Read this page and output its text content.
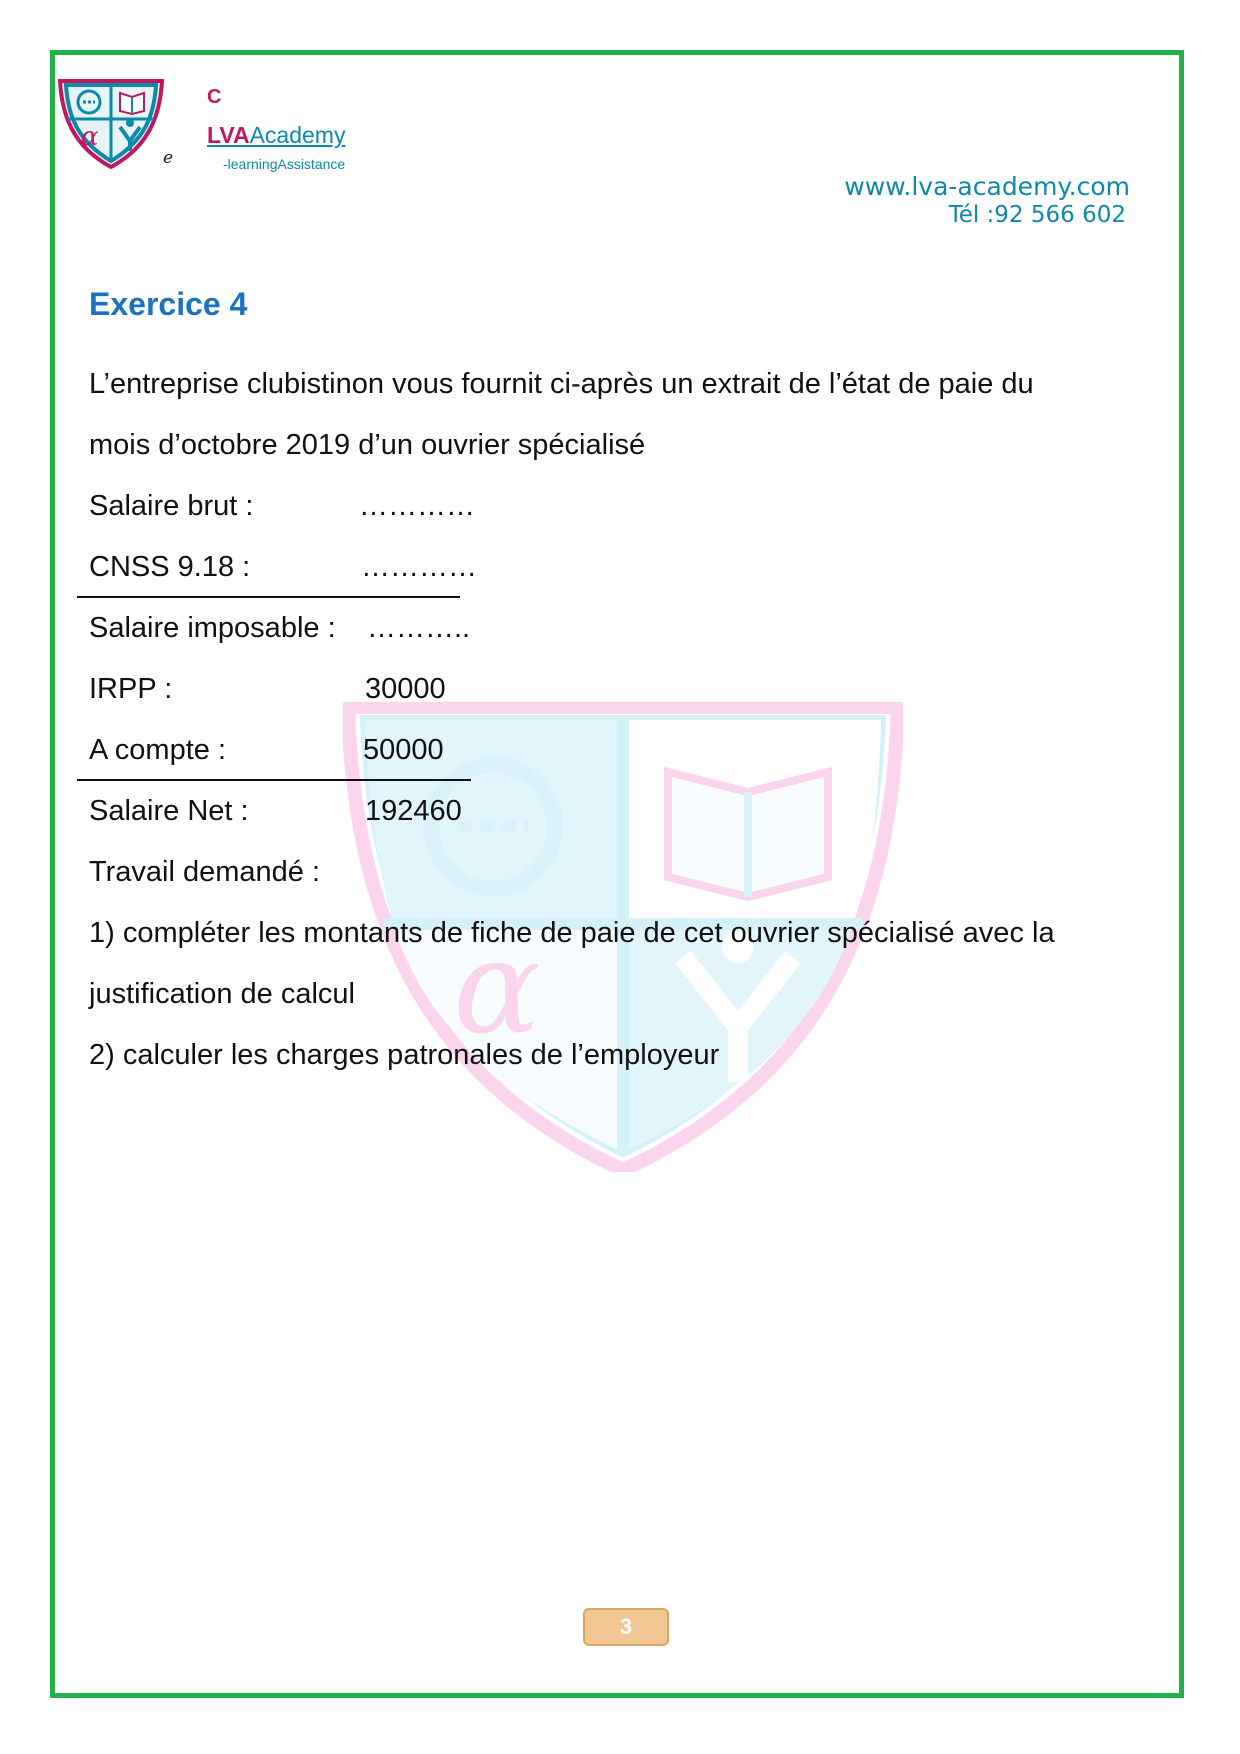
α
C
LVAAcademy
e	-learningAssistance
www.lva-academy.com
Tél :92 566 602
α
Exercice 4

L’entreprise clubistinon vous fournit ci-après un extrait de l’état de paie du

mois d’octobre 2019 d’un ouvrier spécialisé

Salaire brut :	…………
CNSS 9.18 :	…………
Salaire imposable : ………..
IRPP :	30000
A compte :	50000
Salaire Net :	192460

Travail demandé :

1) compléter les montants de fiche de paie de cet ouvrier spécialisé avec la

justification de calcul

2) calculer les charges patronales de l’employeur

3
